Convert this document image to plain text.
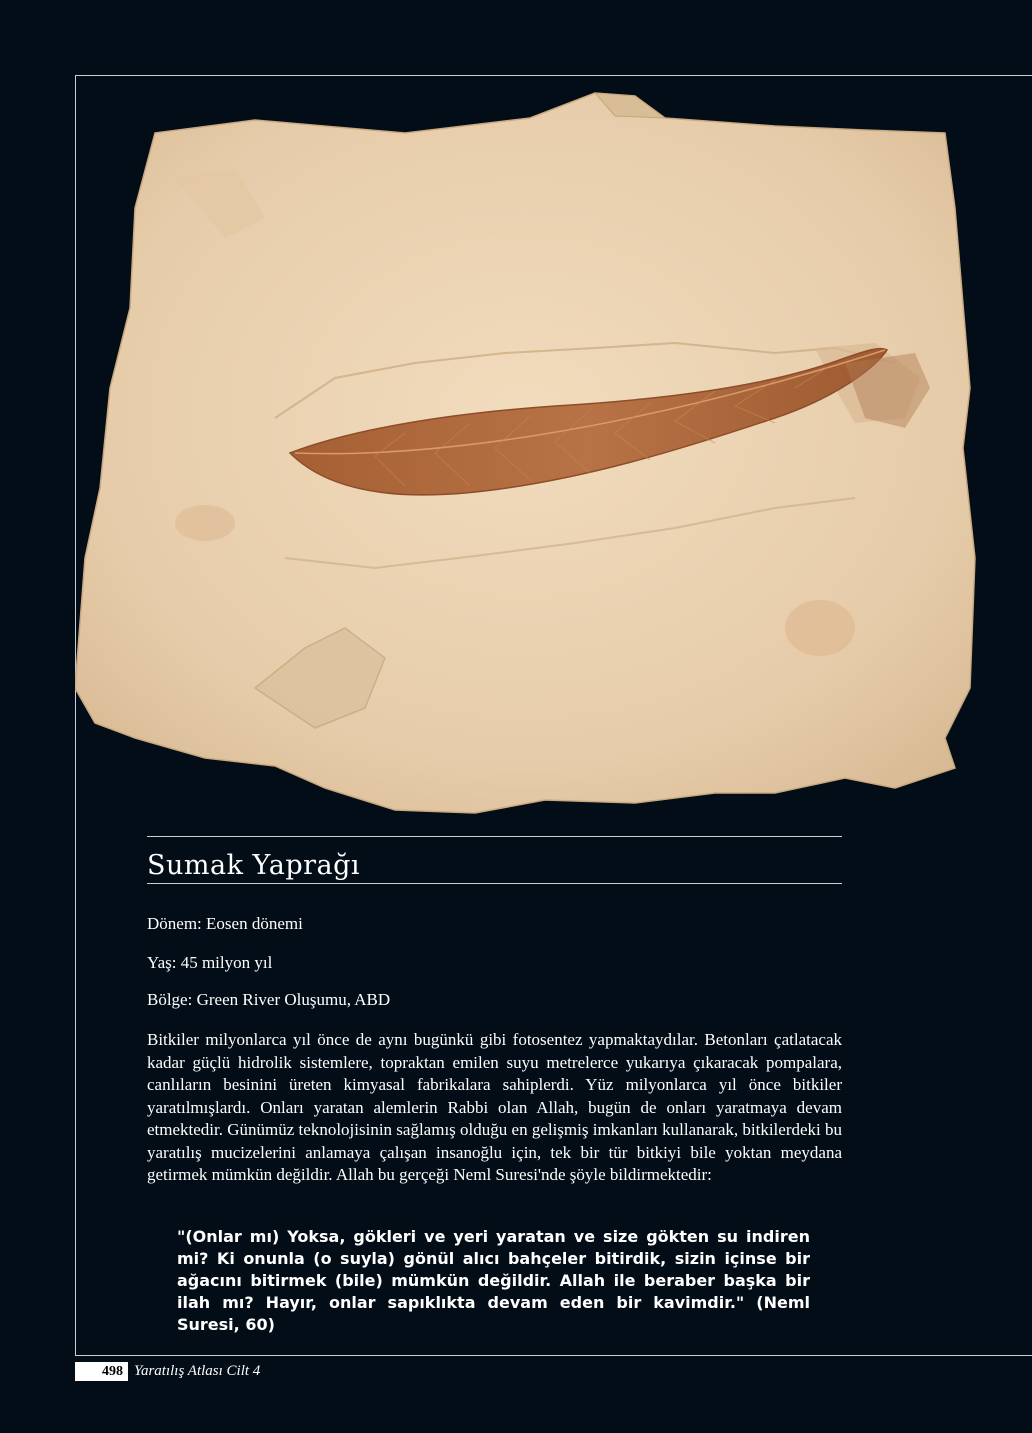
Sumak Yaprağı
Dönem: Eosen dönemi
Yaş: 45 milyon yıl
Bölge: Green River Oluşumu, ABD
Bitkiler milyonlarca yıl önce de aynı bugünkü gibi fotosentez yapmaktaydılar. Betonları çatlatacak kadar güçlü hidrolik sistemlere, topraktan emilen suyu metrelerce yukarıya çıkaracak pompalara, canlıların besinini üreten kimyasal fabrikalara sahiplerdi. Yüz milyonlarca yıl önce bitkiler yaratılmışlardı. Onları yaratan alemlerin Rabbi olan Allah, bugün de onları yaratmaya devam etmektedir. Günümüz teknolojisinin sağlamış olduğu en gelişmiş imkanları kullanarak, bitkilerdeki bu yaratılış mucizelerini anlamaya çalışan insanoğlu için, tek bir tür bitkiyi bile yoktan meydana getirmek mümkün değildir. Allah bu gerçeği Neml Suresi'nde şöyle bildirmektedir:
"(Onlar mı) Yoksa, gökleri ve yeri yaratan ve size gökten su indiren mi? Ki onunla (o suyla) gönül alıcı bahçeler bitirdik, sizin içinse bir ağacını bitirmek (bile) mümkün değildir. Allah ile beraber başka bir ilah mı? Hayır, onlar sapıklıkta devam eden bir kavimdir." (Neml Suresi, 60)
498 Yaratılış Atlası Cilt 4
